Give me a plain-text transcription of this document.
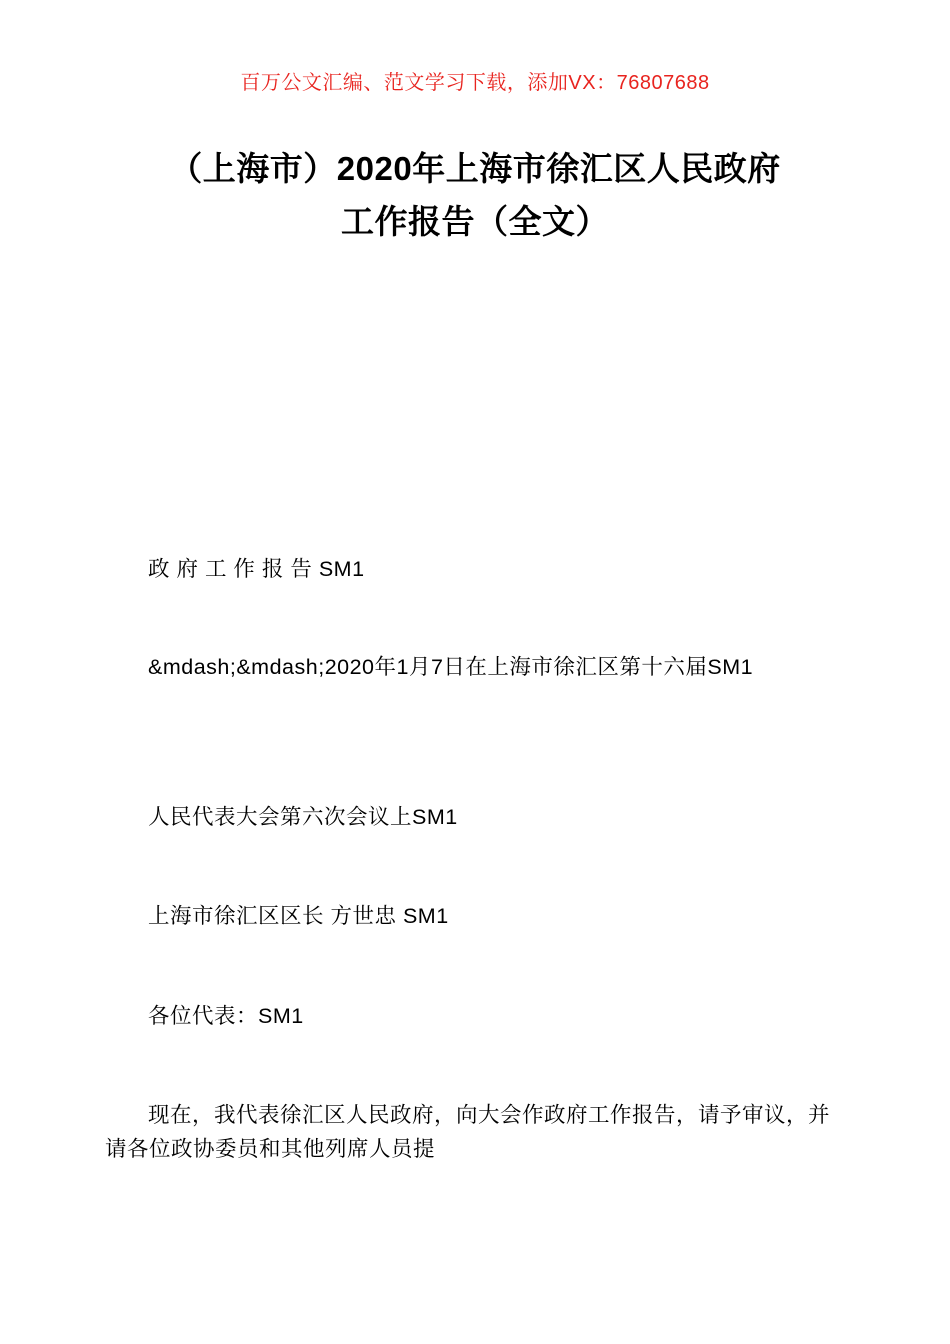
百万公文汇编、范文学习下载，添加VX：76807688
（上海市）2020年上海市徐汇区人民政府
工作报告（全文）
政 府 工 作 报 告 SM1
&mdash;&mdash;2020年1月7日在上海市徐汇区第十六届SM1
人民代表大会第六次会议上SM1
上海市徐汇区区长 方世忠 SM1
各位代表：SM1
现在，我代表徐汇区人民政府，向大会作政府工作报告，请予审议，并请各位政协委员和其他列席人员提
